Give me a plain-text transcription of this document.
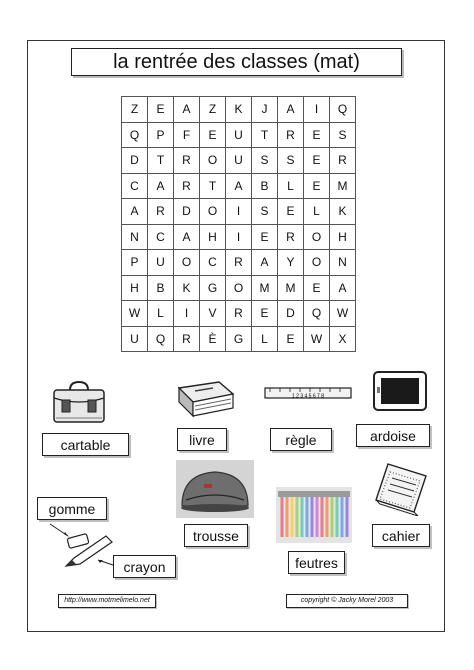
la rentrée des classes (mat)
Z	E	A	Z	K	J	A	I	Q
Q	P	F	E	U	T	R	E	S
D	T	R	O	U	S	S	E	R
C	A	R	T	A	B	L	E	M
A	R	D	O	I	S	E	L	K
N	C	A	H	I	E	R	O	H
P	U	O	C	R	A	Y	O	N
H	B	K	G	O	M	M	E	A
W	L	I	V	R	E	D	Q	W
U	Q	R	È	G	L	E	W	X
cartable	livre
1 2 3 4 5 6 7 8
règle	ardoise
trousse
feutres
cahier
gomme
crayon
http://www.motmelimelo.net	copyright © Jacky Morel 2003
